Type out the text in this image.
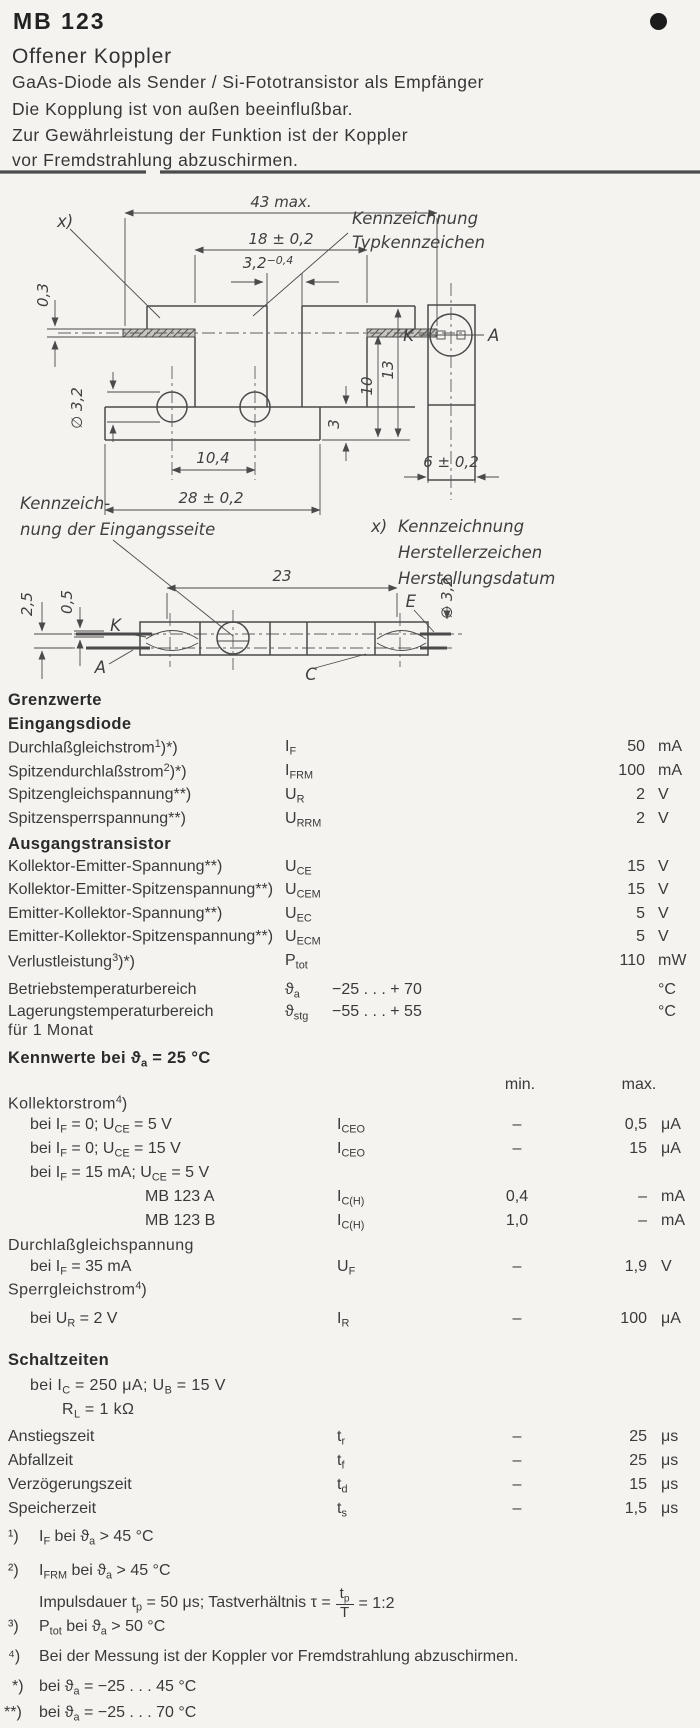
MB 123
Offener Koppler
GaAs-Diode als Sender / Si-Fototransistor als Empfänger
Die Kopplung ist von außen beeinflußbar.
Zur Gewährleistung der Funktion ist der Koppler
vor Fremdstrahlung abzuschirmen.
43 max.
18 ± 0,2
$3,2^{-0,4}$
0,3
∅ 3,2
10,4
28 ± 0,2
3
10
13
x)	Kennzeichnung
Typkennzeichen
K	A
6 ± 0,2
x) Kennzeichnung
Herstellerzeichen
Herstellungsdatum
Kennzeich-
nung der Eingangsseite
23
K
A
E
C
2,5 0,5	∅ 3,2
Grenzwerte
Eingangsdiode
Durchlaßgleichstrom$^1$)*)	$I_F$	50 mA
Spitzendurchlaßstrom$^2$)*)	$I_{FRM}$	100 mA
Spitzengleichspannung**)	$U_R$	2 V
Spitzensperrspannung**)	$U_{RRM}$	2 V
Ausgangstransistor
Kollektor-Emitter-Spannung**)	$U_{CE}$	15 V
Kollektor-Emitter-Spitzenspannung**) $U_{CEM}$	15 V
Emitter-Kollektor-Spannung**)	$U_{EC}$	5 V
Emitter-Kollektor-Spitzenspannung**) $U_{ECM}$	5 V
Verlustleistung$^3$)*)	$P_{tot}$	110 mW
Betriebstemperaturbereich	$ϑ_a -25$ . . . + 70	°C
Lagerungstemperaturbereich	$ϑ_{stg} -55$ . . . + 55	°C
für 1 Monat
Kennwerte bei $ϑ_a = 25$ °C
min.	max.
Kollektorstrom$^4$)
bei $I_F = 0$; $U_{CE} = 5$ V	$I_{CEO}$	–	0,5 μA
bei $I_F = 0$; $U_{CE} = 15$ V	$I_{CEO}$	–	15 μA
bei $I_F = 15$ mA; $U_{CE} = 5$ V
MB 123 A	$I_{C(H)}$	0,4	– mA
MB 123 B	$I_{C(H)}$	1,0	– mA
Durchlaßgleichspannung
bei $I_F = 35$ mA	$U_F$	–	1,9 V
Sperrgleichstrom$^4$)
bei $U_R = 2$ V	$I_R$	–	100 μA
Schaltzeiten
bei $I_C = 250$ μA; $U_B = 15$ V
$R_L = 1$ kΩ
Anstiegszeit	$t_r$	–	25 μs
Abfallzeit	$t_f$	–	25 μs
Verzögerungszeit	$t_d$	–	15 μs
Speicherzeit	$t_s$	–	1,5 μs
¹) $I_F$ bei $ϑ_a > 45$ °C
²) $I_{FRM}$ bei $ϑ_a > 45$ °C
Impulsdauer $t_p = 50$ μs; Tastverhältnis $\tau = \frac{t_p}{T}$ = 1:2
³) $P_{tot}$ bei $ϑ_a > 50$ °C
⁴) Bei der Messung ist der Koppler vor Fremdstrahlung abzuschirmen.
*) bei $ϑ_a = -25$ . . . 45 °C
**) bei $ϑ_a = -25$ . . . 70 °C
